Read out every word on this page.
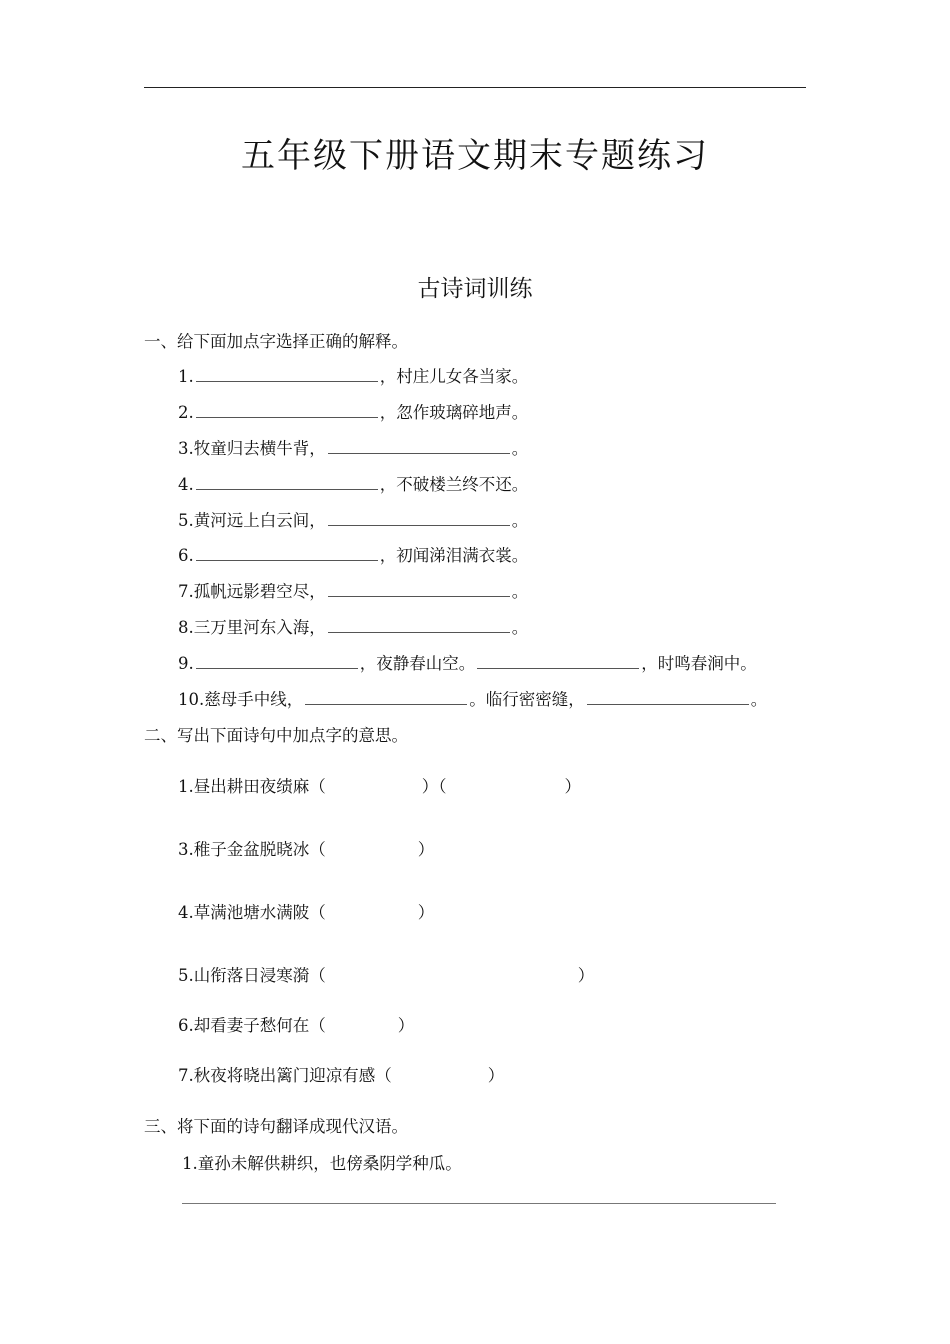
五年级下册语文期末专题练习
古诗词训练
一、给下面加点字选择正确的解释。
1.	，村庄儿女各当家。
2.	，忽作玻璃碎地声。
3.牧童归去横牛背，	。
4.	，不破楼兰终不还。
5.黄河远上白云间，	。
6.	，初闻涕泪满衣裳。
7.孤帆远影碧空尽，	。
8.三万里河东入海，	。
9.	，夜静春山空。	，时鸣春涧中。
10.慈母手中线，	。临行密密缝，	。
二、写出下面诗句中加点字的意思。
1.昼出耕田夜绩麻（	）（	）
3.稚子金盆脱晓冰（	）
4.草满池塘水满陂（	）
5.山衔落日浸寒漪（	）
6.却看妻子愁何在（	）
7.秋夜将晓出篱门迎凉有感（	）
三、将下面的诗句翻译成现代汉语。
1.童孙未解供耕织，也傍桑阴学种瓜。
